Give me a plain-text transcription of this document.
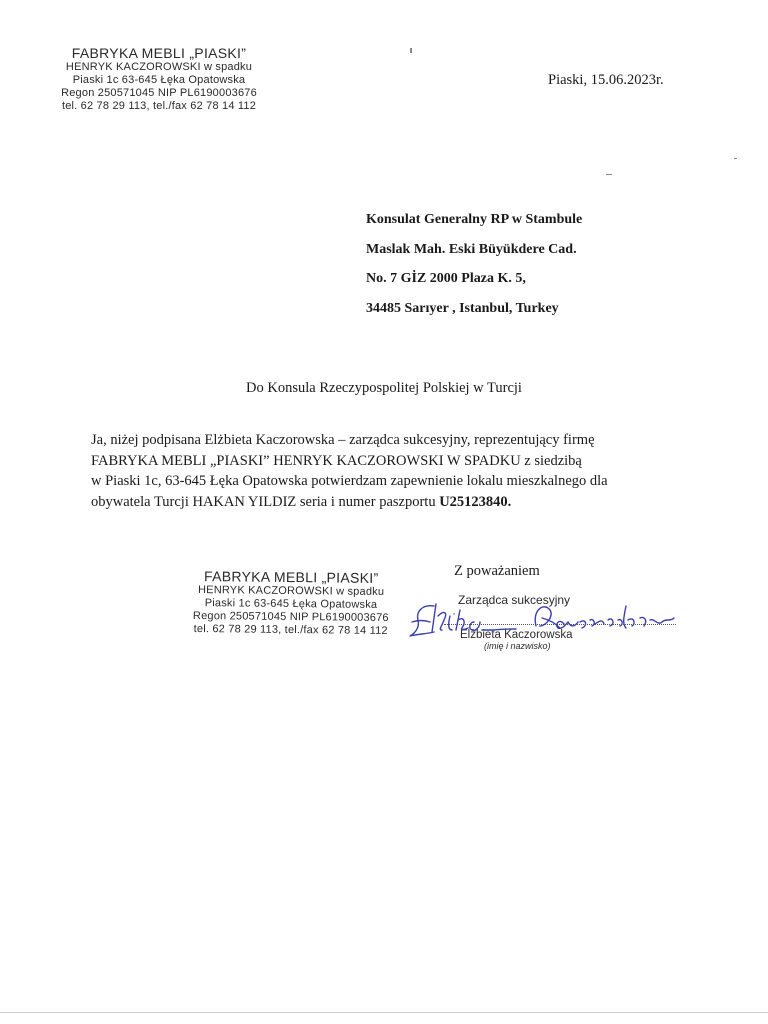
FABRYKA MEBLI „PIASKI”
HENRYK KACZOROWSKI w spadku
Piaski 1c 63-645 Łęka Opatowska
Regon 250571045 NIP PL6190003676
tel. 62 78 29 113, tel./fax 62 78 14 112
Piaski, 15.06.2023r.
Konsulat Generalny RP w Stambule
Maslak Mah. Eski Büyükdere Cad.
No. 7 GİZ 2000 Plaza K. 5,
34485 Sarıyer , Istanbul, Turkey
Do Konsula Rzeczypospolitej Polskiej w Turcji
Ja, niżej podpisana Elżbieta Kaczorowska – zarządca sukcesyjny, reprezentujący firmę
FABRYKA MEBLI „PIASKI” HENRYK KACZOROWSKI W SPADKU z siedzibą
w Piaski 1c, 63-645 Łęka Opatowska potwierdzam zapewnienie lokalu mieszkalnego dla
obywatela Turcji HAKAN YILDIZ seria i numer paszportu U25123840.
Z poważaniem
FABRYKA MEBLI „PIASKI”
HENRYK KACZOROWSKI w spadku
Piaski 1c 63-645 Łęka Opatowska
Regon 250571045 NIP PL6190003676
tel. 62 78 29 113, tel./fax 62 78 14 112
Zarządca sukcesyjny
Elżbieta Kaczorowska
(imię i nazwisko)
